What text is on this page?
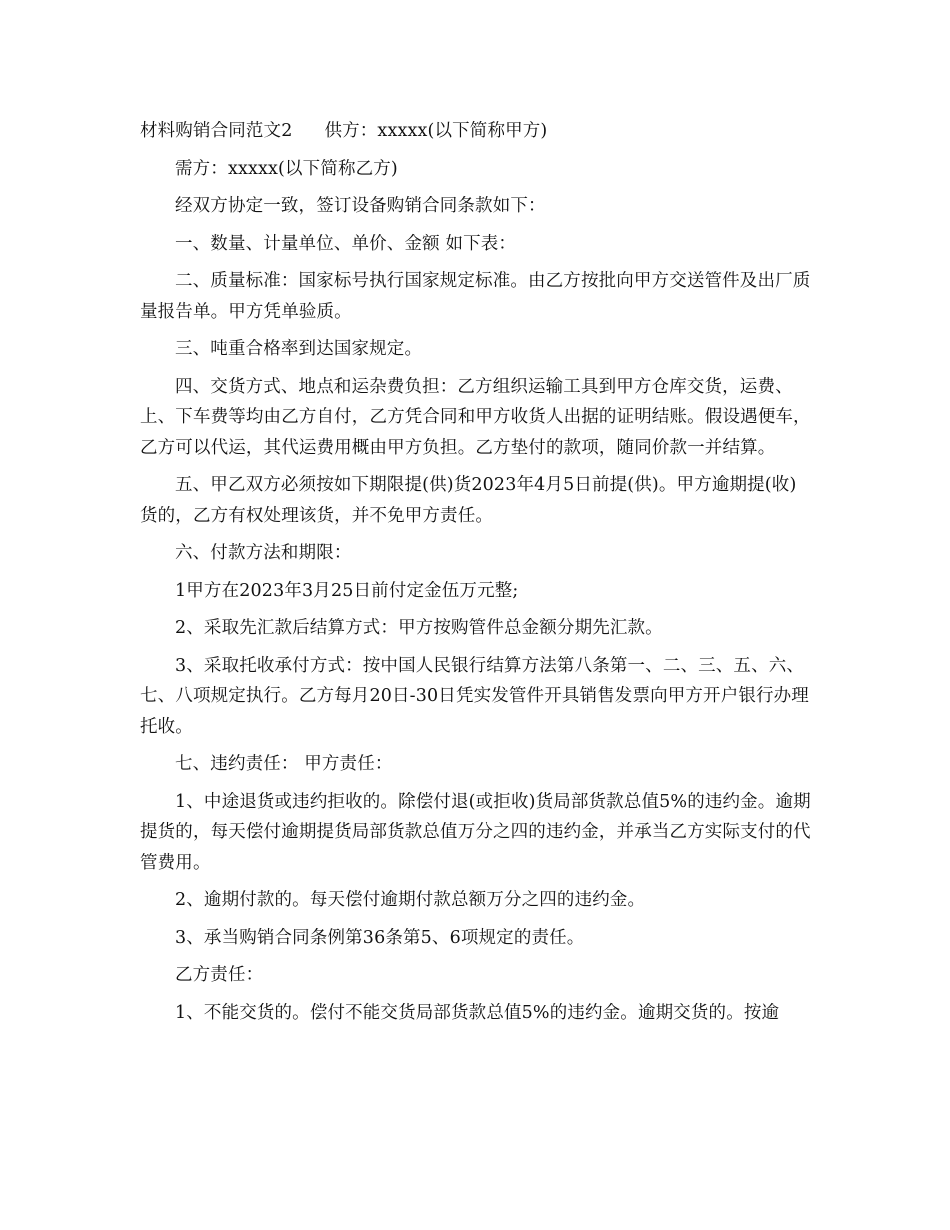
材料购销合同范文2 供方：xxxxx(以下简称甲方)

需方：xxxxx(以下简称乙方)

经双方协定一致，签订设备购销合同条款如下：

一、数量、计量单位、单价、金额 如下表：

二、质量标准：国家标号执行国家规定标准。由乙方按批向甲方交送管件及出厂质量报告单。甲方凭单验质。

三、吨重合格率到达国家规定。

四、交货方式、地点和运杂费负担：乙方组织运输工具到甲方仓库交货，运费、上、下车费等均由乙方自付，乙方凭合同和甲方收货人出据的证明结账。假设遇便车，乙方可以代运，其代运费用概由甲方负担。乙方垫付的款项，随同价款一并结算。

五、甲乙双方必须按如下期限提(供)货2023年4月5日前提(供)。甲方逾期提(收)货的，乙方有权处理该货，并不免甲方责任。

六、付款方法和期限：

1甲方在2023年3月25日前付定金伍万元整;

2、采取先汇款后结算方式：甲方按购管件总金额分期先汇款。

3、采取托收承付方式：按中国人民银行结算方法第八条第一、二、三、五、六、七、八项规定执行。乙方每月20日-30日凭实发管件开具销售发票向甲方开户银行办理托收。

七、违约责任： 甲方责任：

1、中途退货或违约拒收的。除偿付退(或拒收)货局部货款总值5%的违约金。逾期提货的，每天偿付逾期提货局部货款总值万分之四的违约金，并承当乙方实际支付的代管费用。

2、逾期付款的。每天偿付逾期付款总额万分之四的违约金。

3、承当购销合同条例第36条第5、6项规定的责任。

乙方责任：

1、不能交货的。偿付不能交货局部货款总值5%的违约金。逾期交货的。按逾
